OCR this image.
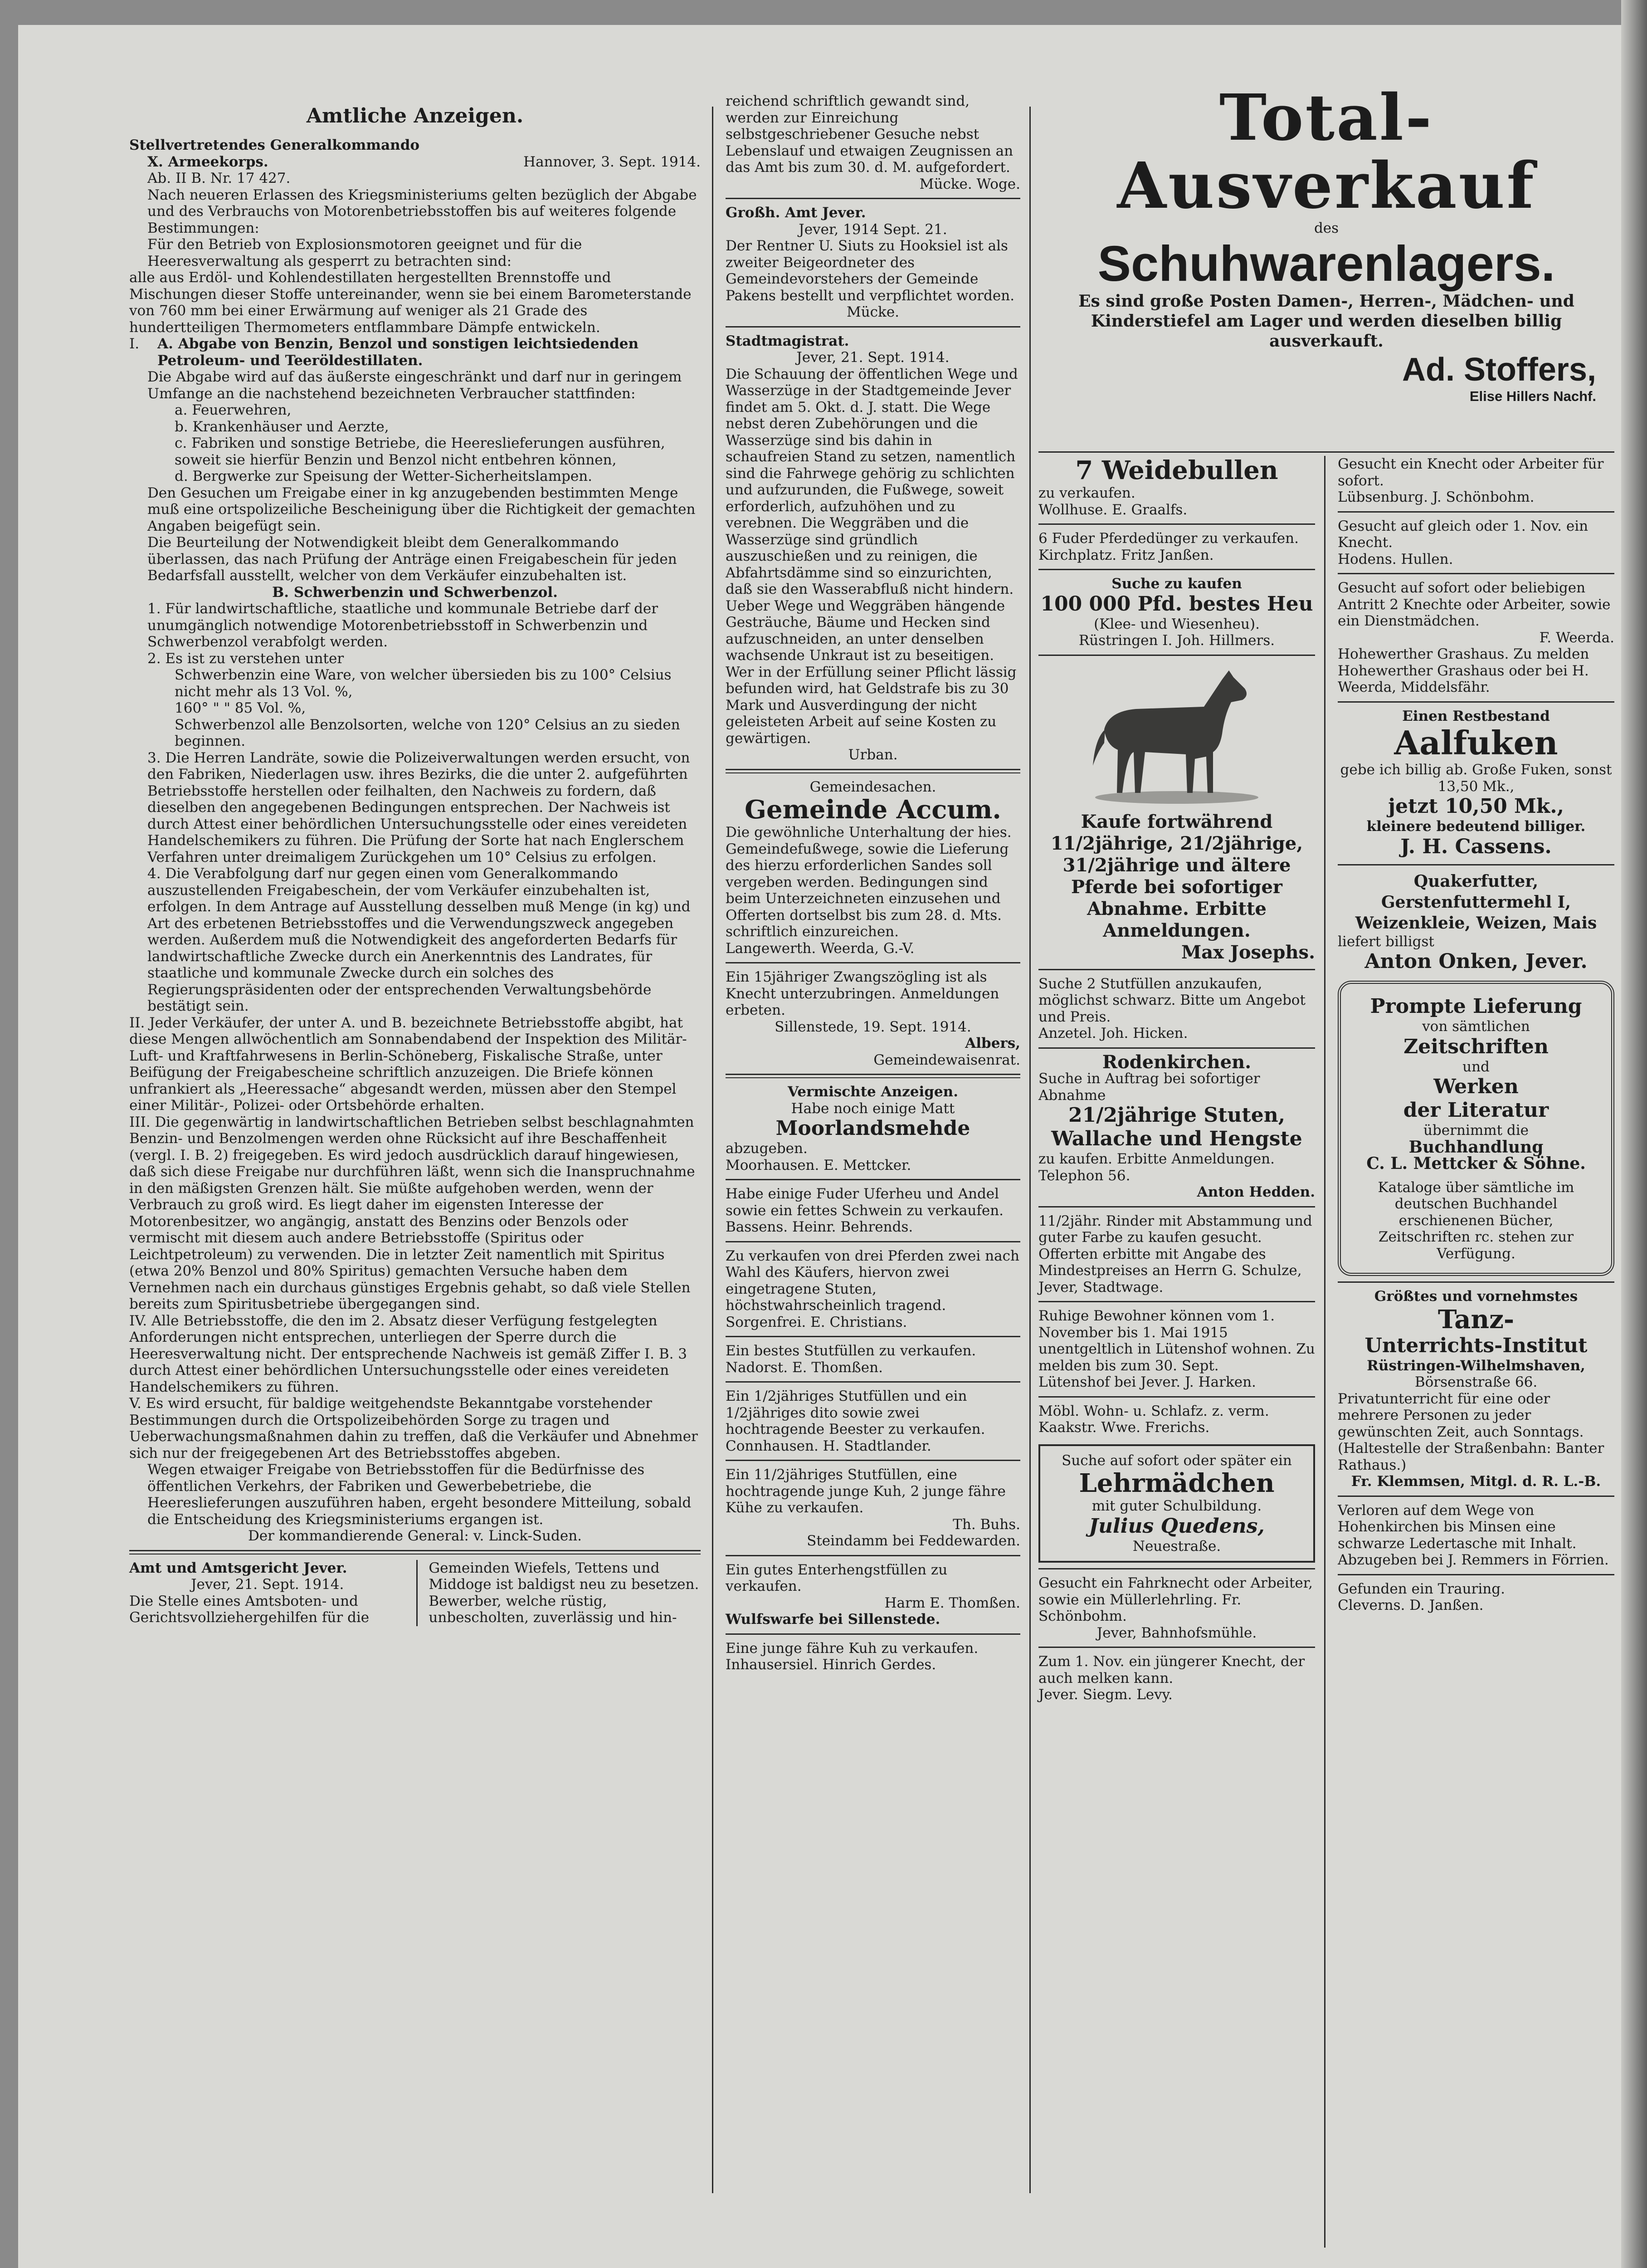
Amtliche Anzeigen.

Stellvertretendes Generalkommando

X. Armeekorps.	Hannover, 3. Sept. 1914.

Ab. II B. Nr. 17 427.

Nach neueren Erlassen des Kriegsministeriums gelten bezüglich der Abgabe und des Verbrauchs von Motorenbetriebsstoffen bis auf weiteres folgende Bestimmungen:

Für den Betrieb von Explosionsmotoren geeignet und für die Heeresverwaltung als gesperrt zu betrachten sind:

alle aus Erdöl- und Kohlendestillaten hergestellten Brennstoffe und Mischungen dieser Stoffe untereinander, wenn sie bei einem Barometerstande von 760 mm bei einer Erwärmung auf weniger als 21 Grade des hundertteiligen Thermometers entflammbare Dämpfe entwickeln.

I. A. Abgabe von Benzin, Benzol und sonstigen leichtsiedenden Petroleum- und Teeröldestillaten.

Die Abgabe wird auf das äußerste eingeschränkt und darf nur in geringem Umfange an die nachstehend bezeichneten Verbraucher stattfinden:

a. Feuerwehren,

b. Krankenhäuser und Aerzte,

c. Fabriken und sonstige Betriebe, die Heereslieferungen ausführen, soweit sie hierfür Benzin und Benzol nicht entbehren können,

d. Bergwerke zur Speisung der Wetter-Sicherheitslampen.

Den Gesuchen um Freigabe einer in kg anzugebenden bestimmten Menge muß eine ortspolizeiliche Bescheinigung über die Richtigkeit der gemachten Angaben beigefügt sein.

Die Beurteilung der Notwendigkeit bleibt dem Generalkommando überlassen, das nach Prüfung der Anträge einen Freigabeschein für jeden Bedarfsfall ausstellt, welcher von dem Verkäufer einzubehalten ist.

B. Schwerbenzin und Schwerbenzol.

1. Für landwirtschaftliche, staatliche und kommunale Betriebe darf der unumgänglich notwendige Motorenbetriebsstoff in Schwerbenzin und Schwerbenzol verabfolgt werden.

2. Es ist zu verstehen unter

Schwerbenzin eine Ware, von welcher übersieden bis zu 100° Celsius nicht mehr als 13 Vol. %,

160° " " 85 Vol. %,

Schwerbenzol alle Benzolsorten, welche von 120° Celsius an zu sieden beginnen.

3. Die Herren Landräte, sowie die Polizeiverwaltungen werden ersucht, von den Fabriken, Niederlagen usw. ihres Bezirks, die die unter 2. aufgeführten Betriebsstoffe herstellen oder feilhalten, den Nachweis zu fordern, daß dieselben den angegebenen Bedingungen entsprechen. Der Nachweis ist durch Attest einer behördlichen Untersuchungsstelle oder eines vereideten Handelschemikers zu führen. Die Prüfung der Sorte hat nach Englerschem Verfahren unter dreimaligem Zurückgehen um 10° Celsius zu erfolgen.

4. Die Verabfolgung darf nur gegen einen vom Generalkommando auszustellenden Freigabeschein, der vom Verkäufer einzubehalten ist, erfolgen. In dem Antrage auf Ausstellung desselben muß Menge (in kg) und Art des erbetenen Betriebsstoffes und die Verwendungszweck angegeben werden. Außerdem muß die Notwendigkeit des angeforderten Bedarfs für landwirtschaftliche Zwecke durch ein Anerkenntnis des Landrates, für staatliche und kommunale Zwecke durch ein solches des Regierungspräsidenten oder der entsprechenden Verwaltungsbehörde bestätigt sein.

II. Jeder Verkäufer, der unter A. und B. bezeichnete Betriebsstoffe abgibt, hat diese Mengen allwöchentlich am Sonnabendabend der Inspektion des Militär-Luft- und Kraftfahrwesens in Berlin-Schöneberg, Fiskalische Straße, unter Beifügung der Freigabescheine schriftlich anzuzeigen. Die Briefe können unfrankiert als „Heeressache“ abgesandt werden, müssen aber den Stempel einer Militär-, Polizei- oder Ortsbehörde erhalten.

III. Die gegenwärtig in landwirtschaftlichen Betrieben selbst beschlagnahmten Benzin- und Benzolmengen werden ohne Rücksicht auf ihre Beschaffenheit (vergl. I. B. 2) freigegeben. Es wird jedoch ausdrücklich darauf hingewiesen, daß sich diese Freigabe nur durchführen läßt, wenn sich die Inanspruchnahme in den mäßigsten Grenzen hält. Sie müßte aufgehoben werden, wenn der Verbrauch zu groß wird. Es liegt daher im eigensten Interesse der Motorenbesitzer, wo angängig, anstatt des Benzins oder Benzols oder vermischt mit diesem auch andere Betriebsstoffe (Spiritus oder Leichtpetroleum) zu verwenden. Die in letzter Zeit namentlich mit Spiritus (etwa 20% Benzol und 80% Spiritus) gemachten Versuche haben dem Vernehmen nach ein durchaus günstiges Ergebnis gehabt, so daß viele Stellen bereits zum Spiritusbetriebe übergegangen sind.

IV. Alle Betriebsstoffe, die den im 2. Absatz dieser Verfügung festgelegten Anforderungen nicht entsprechen, unterliegen der Sperre durch die Heeresverwaltung nicht. Der entsprechende Nachweis ist gemäß Ziffer I. B. 3 durch Attest einer behördlichen Untersuchungsstelle oder eines vereideten Handelschemikers zu führen.

V. Es wird ersucht, für baldige weitgehendste Bekanntgabe vorstehender Bestimmungen durch die Ortspolizeibehörden Sorge zu tragen und Ueberwachungsmaßnahmen dahin zu treffen, daß die Verkäufer und Abnehmer sich nur der freigegebenen Art des Betriebsstoffes abgeben.

Wegen etwaiger Freigabe von Betriebsstoffen für die Bedürfnisse des öffentlichen Verkehrs, der Fabriken und Gewerbebetriebe, die Heereslieferungen auszuführen haben, ergeht besondere Mitteilung, sobald die Entscheidung des Kriegsministeriums ergangen ist.

Der kommandierende General: v. Linck-Suden.

Amt und Amtsgericht Jever.

Jever, 21. Sept. 1914.

Die Stelle eines Amtsboten- und Gerichtsvollziehergehilfen für die

Gemeinden Wiefels, Tettens und Middoge ist baldigst neu zu besetzen. Bewerber, welche rüstig, unbescholten, zuverlässig und hin-

reichend schriftlich gewandt sind, werden zur Einreichung selbstgeschriebener Gesuche nebst Lebenslauf und etwaigen Zeugnissen an das Amt bis zum 30. d. M. aufgefordert.

Mücke. Woge.

Großh. Amt Jever.

Jever, 1914 Sept. 21.

Der Rentner U. Siuts zu Hooksiel ist als zweiter Beigeordneter des Gemeindevorstehers der Gemeinde Pakens bestellt und verpflichtet worden.

Mücke.

Stadtmagistrat.

Jever, 21. Sept. 1914.

Die Schauung der öffentlichen Wege und Wasserzüge in der Stadtgemeinde Jever findet am 5. Okt. d. J. statt. Die Wege nebst deren Zubehörungen und die Wasserzüge sind bis dahin in schaufreien Stand zu setzen, namentlich sind die Fahrwege gehörig zu schlichten und aufzurunden, die Fußwege, soweit erforderlich, aufzuhöhen und zu verebnen. Die Weggräben und die Wasserzüge sind gründlich auszuschießen und zu reinigen, die Abfahrtsdämme sind so einzurichten, daß sie den Wasserabfluß nicht hindern. Ueber Wege und Weggräben hängende Gesträuche, Bäume und Hecken sind aufzuschneiden, an unter denselben wachsende Unkraut ist zu beseitigen.

Wer in der Erfüllung seiner Pflicht lässig befunden wird, hat Geldstrafe bis zu 30 Mark und Ausverdingung der nicht geleisteten Arbeit auf seine Kosten zu gewärtigen.

Urban.

Gemeindesachen.

Gemeinde Accum.

Die gewöhnliche Unterhaltung der hies. Gemeindefußwege, sowie die Lieferung des hierzu erforderlichen Sandes soll vergeben werden. Bedingungen sind beim Unterzeichneten einzusehen und Offerten dortselbst bis zum 28. d. Mts. schriftlich einzureichen.

Langewerth. Weerda, G.-V.

Ein 15jähriger Zwangszögling ist als Knecht unterzubringen. Anmeldungen erbeten.

Sillenstede, 19. Sept. 1914.

Albers,

Gemeindewaisenrat.

Vermischte Anzeigen.

Habe noch einige Matt

Moorlandsmehde

abzugeben.

Moorhausen. E. Mettcker.

Habe einige Fuder Uferheu und Andel sowie ein fettes Schwein zu verkaufen.

Bassens. Heinr. Behrends.

Zu verkaufen von drei Pferden zwei nach Wahl des Käufers, hiervon zwei eingetragene Stuten, höchstwahrscheinlich tragend.

Sorgenfrei. E. Christians.

Ein bestes Stutfüllen zu verkaufen.

Nadorst. E. Thomßen.

Ein 1/2jähriges Stutfüllen und ein 1/2jähriges dito sowie zwei hochtragende Beester zu verkaufen.

Connhausen. H. Stadtlander.

Ein 11/2jähriges Stutfüllen, eine hochtragende junge Kuh, 2 junge fähre Kühe zu verkaufen.

Th. Buhs.

Steindamm bei Feddewarden.

Ein gutes Enterhengstfüllen zu verkaufen.

Harm E. Thomßen.

Wulfswarfe bei Sillenstede.

Eine junge fähre Kuh zu verkaufen.

Inhausersiel. Hinrich Gerdes.

Total-Ausverkauf

des

Schuhwarenlagers.

Es sind große Posten Damen-, Herren-, Mädchen- und Kinderstiefel am Lager und werden dieselben billig ausverkauft.

Ad. Stoffers,

Elise Hillers Nachf.

7 Weidebullen

zu verkaufen.

Wollhuse. E. Graalfs.

6 Fuder Pferdedünger zu verkaufen.

Kirchplatz. Fritz Janßen.

Suche zu kaufen

100 000 Pfd. bestes Heu

(Klee- und Wiesenheu).

Rüstringen I. Joh. Hillmers.

Kaufe fortwährend 11/2jährige, 21/2jährige, 31/2jährige und ältere Pferde bei sofortiger Abnahme. Erbitte Anmeldungen.

Max Josephs.

Suche 2 Stutfüllen anzukaufen, möglichst schwarz. Bitte um Angebot und Preis.

Anzetel. Joh. Hicken.

Rodenkirchen.

Suche in Auftrag bei sofortiger Abnahme

21/2jährige Stuten,

Wallache und Hengste

zu kaufen. Erbitte Anmeldungen. Telephon 56.

Anton Hedden.

11/2jähr. Rinder mit Abstammung und guter Farbe zu kaufen gesucht. Offerten erbitte mit Angabe des Mindestpreises an Herrn G. Schulze, Jever, Stadtwage.

Ruhige Bewohner können vom 1. November bis 1. Mai 1915 unentgeltlich in Lütenshof wohnen. Zu melden bis zum 30. Sept.

Lütenshof bei Jever. J. Harken.

Möbl. Wohn- u. Schlafz. z. verm.

Kaakstr. Wwe. Frerichs.

Suche auf sofort oder später ein

Lehrmädchen

mit guter Schulbildung.

Julius Quedens,

Neuestraße.

Gesucht ein Fahrknecht oder Arbeiter, sowie ein Müllerlehrling. Fr. Schönbohm.

Jever, Bahnhofsmühle.

Zum 1. Nov. ein jüngerer Knecht, der auch melken kann.

Jever. Siegm. Levy.

Gesucht ein Knecht oder Arbeiter für sofort.

Lübsenburg. J. Schönbohm.

Gesucht auf gleich oder 1. Nov. ein Knecht.

Hodens. Hullen.

Gesucht auf sofort oder beliebigen Antritt 2 Knechte oder Arbeiter, sowie ein Dienstmädchen.

F. Weerda.

Hohewerther Grashaus. Zu melden Hohewerther Grashaus oder bei H. Weerda, Middelsfähr.

Einen Restbestand

Aalfuken

gebe ich billig ab. Große Fuken, sonst 13,50 Mk.,

jetzt 10,50 Mk.,

kleinere bedeutend billiger.

J. H. Cassens.

Quakerfutter, Gerstenfuttermehl I, Weizenkleie, Weizen, Mais

liefert billigst

Anton Onken, Jever.

Prompte Lieferung

von sämtlichen

Zeitschriften

und

Werken

der Literatur

übernimmt die

Buchhandlung

C. L. Mettcker & Söhne.

Kataloge über sämtliche im deutschen Buchhandel erschienenen Bücher, Zeitschriften rc. stehen zur Verfügung.

Größtes und vornehmstes

Tanz-

Unterrichts-Institut

Rüstringen-Wilhelmshaven,

Börsenstraße 66.

Privatunterricht für eine oder mehrere Personen zu jeder gewünschten Zeit, auch Sonntags. (Haltestelle der Straßenbahn: Banter Rathaus.)

Fr. Klemmsen, Mitgl. d. R. L.-B.

Verloren auf dem Wege von Hohenkirchen bis Minsen eine schwarze Ledertasche mit Inhalt. Abzugeben bei J. Remmers in Förrien.

Gefunden ein Trauring.

Cleverns. D. Janßen.
